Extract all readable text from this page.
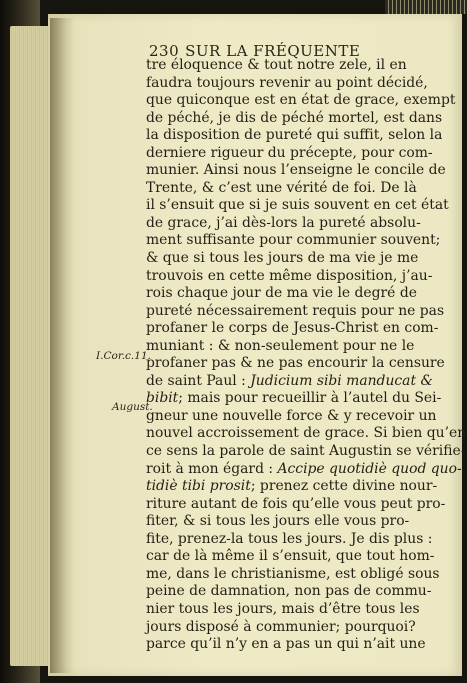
230 SUR LA FRÉQUENTE
I.Cor.c.11.
August.
tre éloquence & tout notre zele, il en
faudra toujours revenir au point décidé,
que quiconque est en état de grace, exempt
de péché, je dis de péché mortel, est dans
la disposition de pureté qui suffit, selon la
derniere rigueur du précepte, pour com-
munier. Ainsi nous l’enseigne le concile de
Trente, & c’est une vérité de foi. De là
il s’ensuit que si je suis souvent en cet état
de grace, j’ai dès-lors la pureté absolu-
ment suffisante pour communier souvent;
& que si tous les jours de ma vie je me
trouvois en cette même disposition, j’au-
rois chaque jour de ma vie le degré de
pureté nécessairement requis pour ne pas
profaner le corps de Jesus-Christ en com-
muniant : & non-seulement pour ne le
profaner pas & ne pas encourir la censure
de saint Paul : Judicium sibi manducat &
bibit; mais pour recueillir à l’autel du Sei-
gneur une nouvelle force & y recevoir un
nouvel accroissement de grace. Si bien qu’en
ce sens la parole de saint Augustin se vérifie-
roit à mon égard : Accipe quotidiè quod quo-
tidiè tibi prosit; prenez cette divine nour-
riture autant de fois qu’elle vous peut pro-
fiter, & si tous les jours elle vous pro-
fite, prenez-la tous les jours. Je dis plus :
car de là même il s’ensuit, que tout hom-
me, dans le christianisme, est obligé sous
peine de damnation, non pas de commu-
nier tous les jours, mais d’être tous les
jours disposé à communier; pourquoi?
parce qu’il n’y en a pas un qui n’ait une
